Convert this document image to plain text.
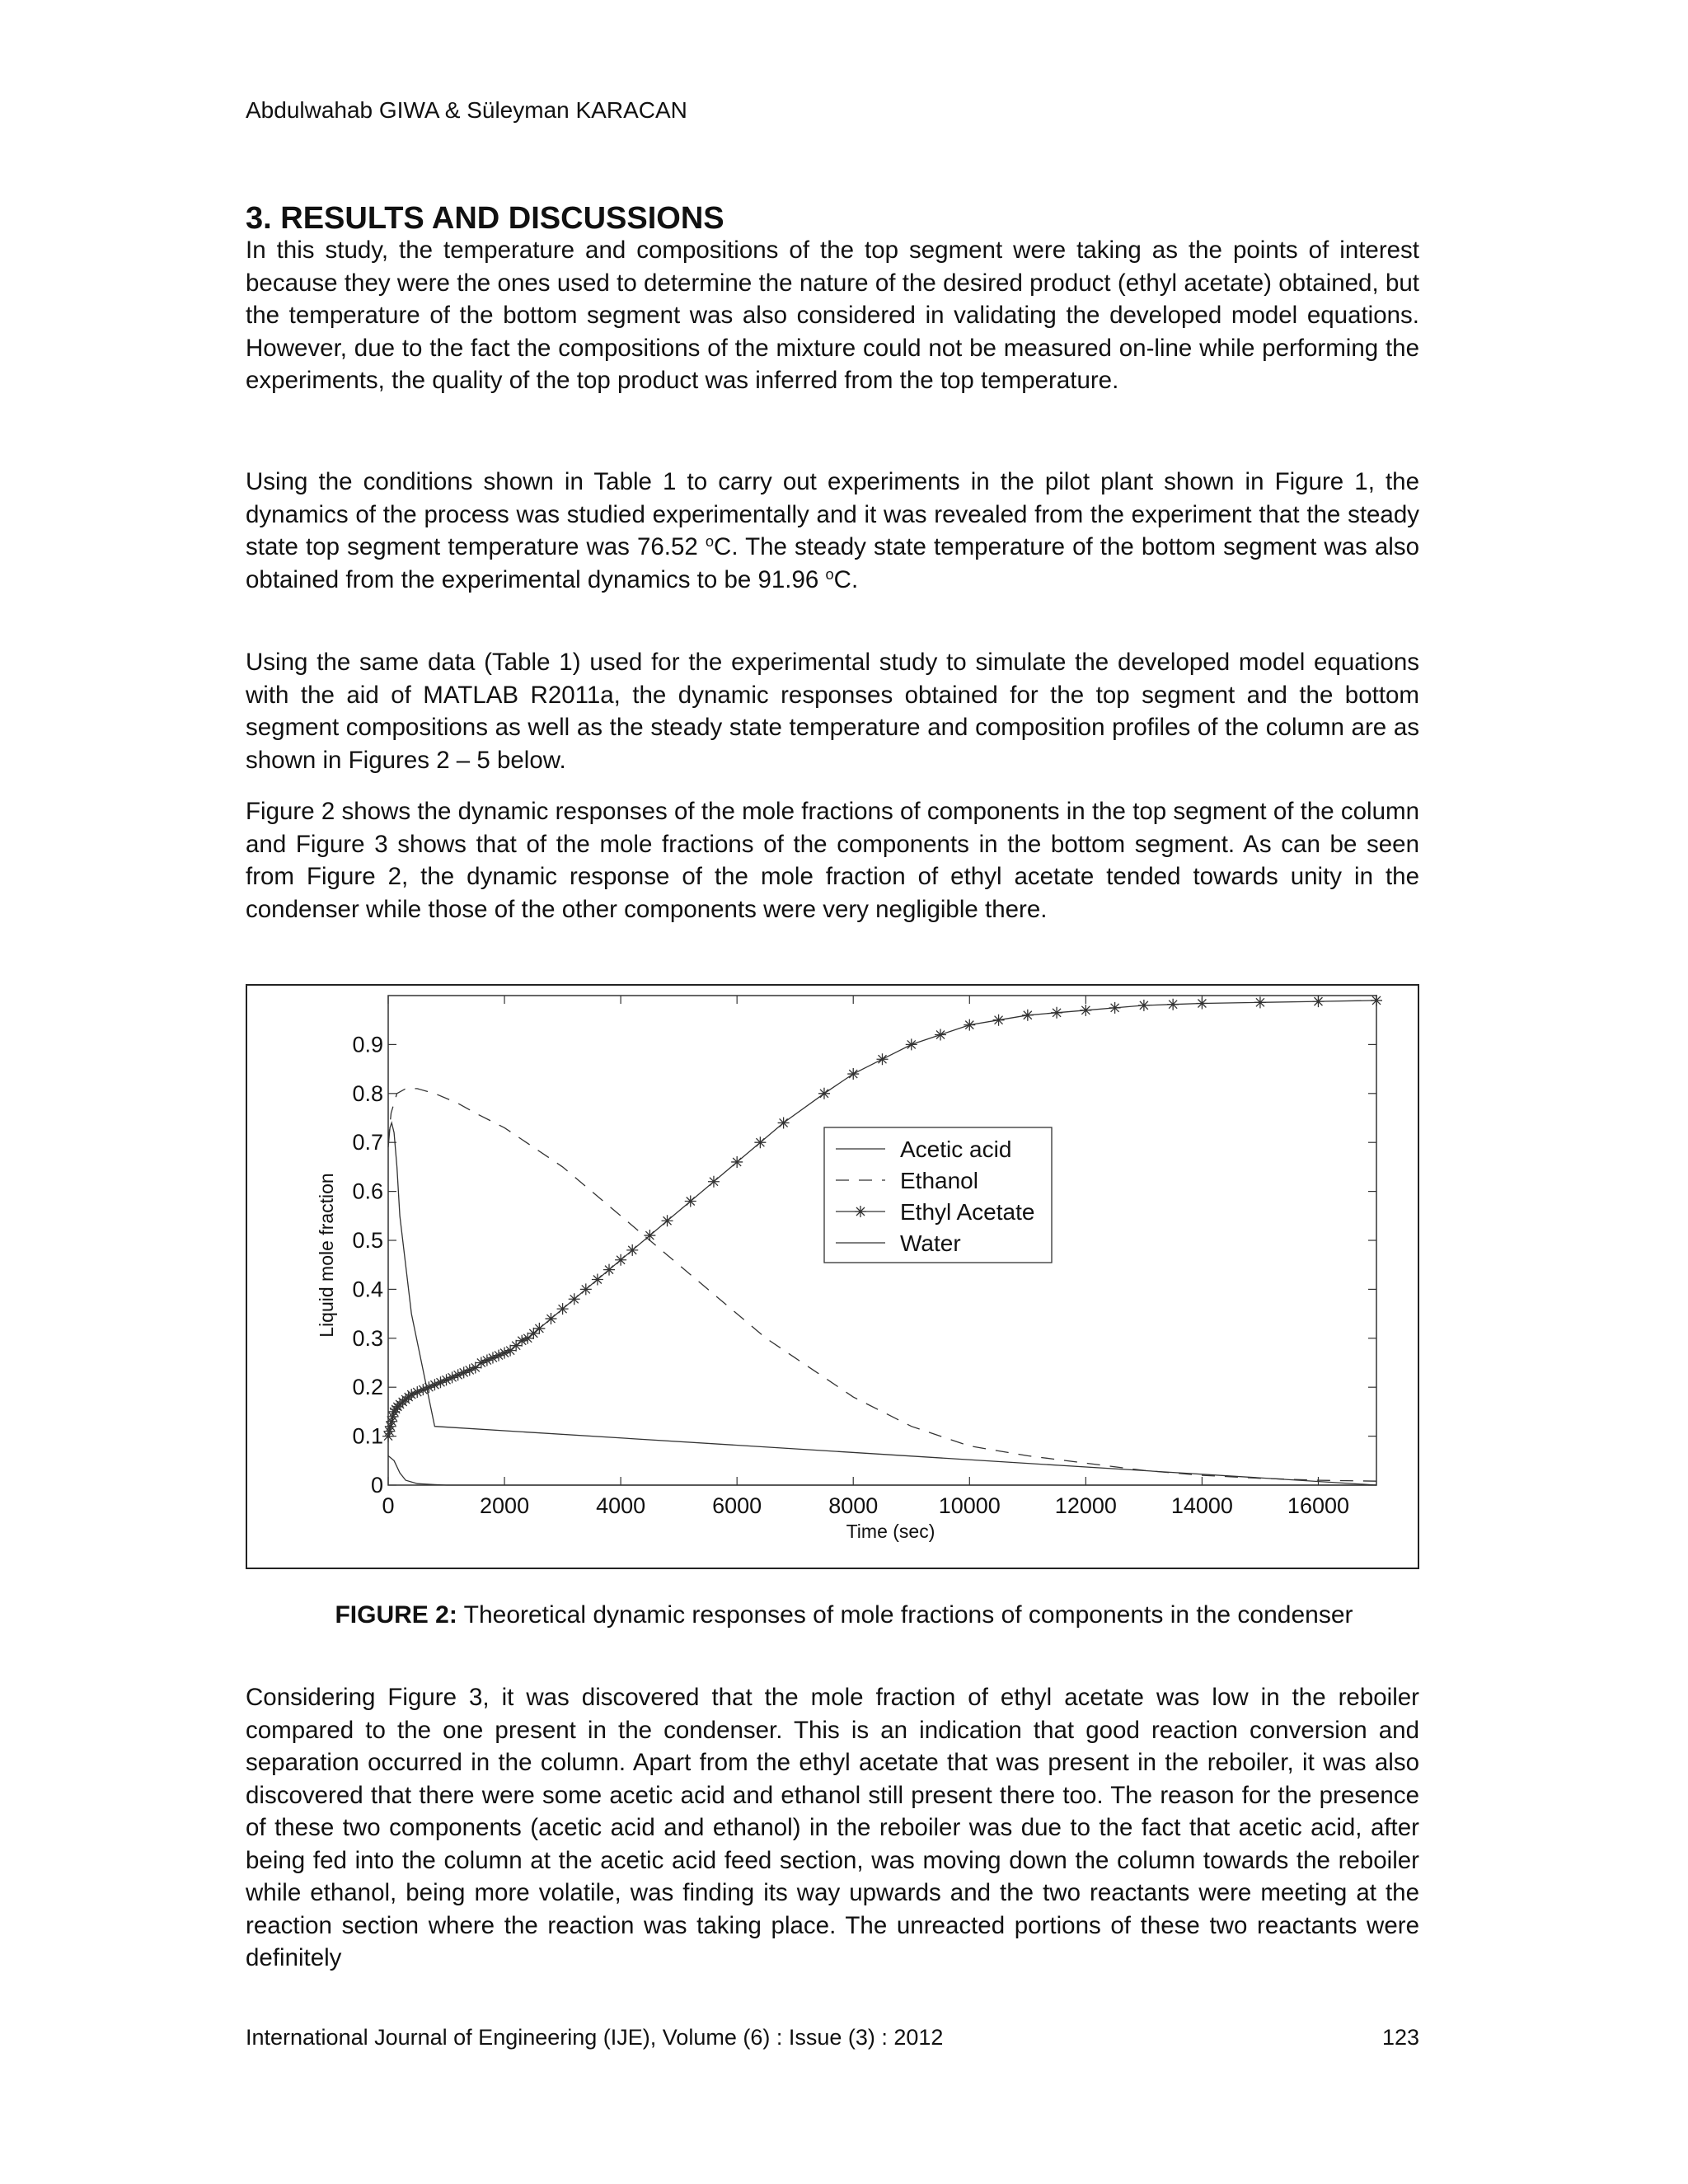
Abdulwahab GIWA & Süleyman KARACAN
3. RESULTS AND DISCUSSIONS

In this study, the temperature and compositions of the top segment were taking as the points of interest because they were the ones used to determine the nature of the desired product (ethyl acetate) obtained, but the temperature of the bottom segment was also considered in validating the developed model equations. However, due to the fact the compositions of the mixture could not be measured on-line while performing the experiments, the quality of the top product was inferred from the top temperature.

Using the conditions shown in Table 1 to carry out experiments in the pilot plant shown in Figure 1, the dynamics of the process was studied experimentally and it was revealed from the experiment that the steady state top segment temperature was 76.52 $^o$C. The steady state temperature of the bottom segment was also obtained from the experimental dynamics to be 91.96 $^o$C.

Using the same data (Table 1) used for the experimental study to simulate the developed model equations with the aid of MATLAB R2011a, the dynamic responses obtained for the top segment and the bottom segment compositions as well as the steady state temperature and composition profiles of the column are as shown in Figures 2 – 5 below.

Figure 2 shows the dynamic responses of the mole fractions of components in the top segment of the column and Figure 3 shows that of the mole fractions of the components in the bottom segment. As can be seen from Figure 2, the dynamic response of the mole fraction of ethyl acetate tended towards unity in the condenser while those of the other components were very negligible there.

0	2000	4000	6000	8000	10000 12000 14000 16000
0
0.1
0.2
0.3
0.4
0.5
0.6
0.7
0.8
0.9
Time (sec)
Liquid mole fraction
Acetic acid
Ethanol
Ethyl Acetate
Water

FIGURE 2: Theoretical dynamic responses of mole fractions of components in the condenser

Considering Figure 3, it was discovered that the mole fraction of ethyl acetate was low in the reboiler compared to the one present in the condenser. This is an indication that good reaction conversion and separation occurred in the column. Apart from the ethyl acetate that was present in the reboiler, it was also discovered that there were some acetic acid and ethanol still present there too. The reason for the presence of these two components (acetic acid and ethanol) in the reboiler was due to the fact that acetic acid, after being fed into the column at the acetic acid feed section, was moving down the column towards the reboiler while ethanol, being more volatile, was finding its way upwards and the two reactants were meeting at the reaction section where the reaction was taking place. The unreacted portions of these two reactants were definitely

International Journal of Engineering (IJE), Volume (6) : Issue (3) : 2012	123
